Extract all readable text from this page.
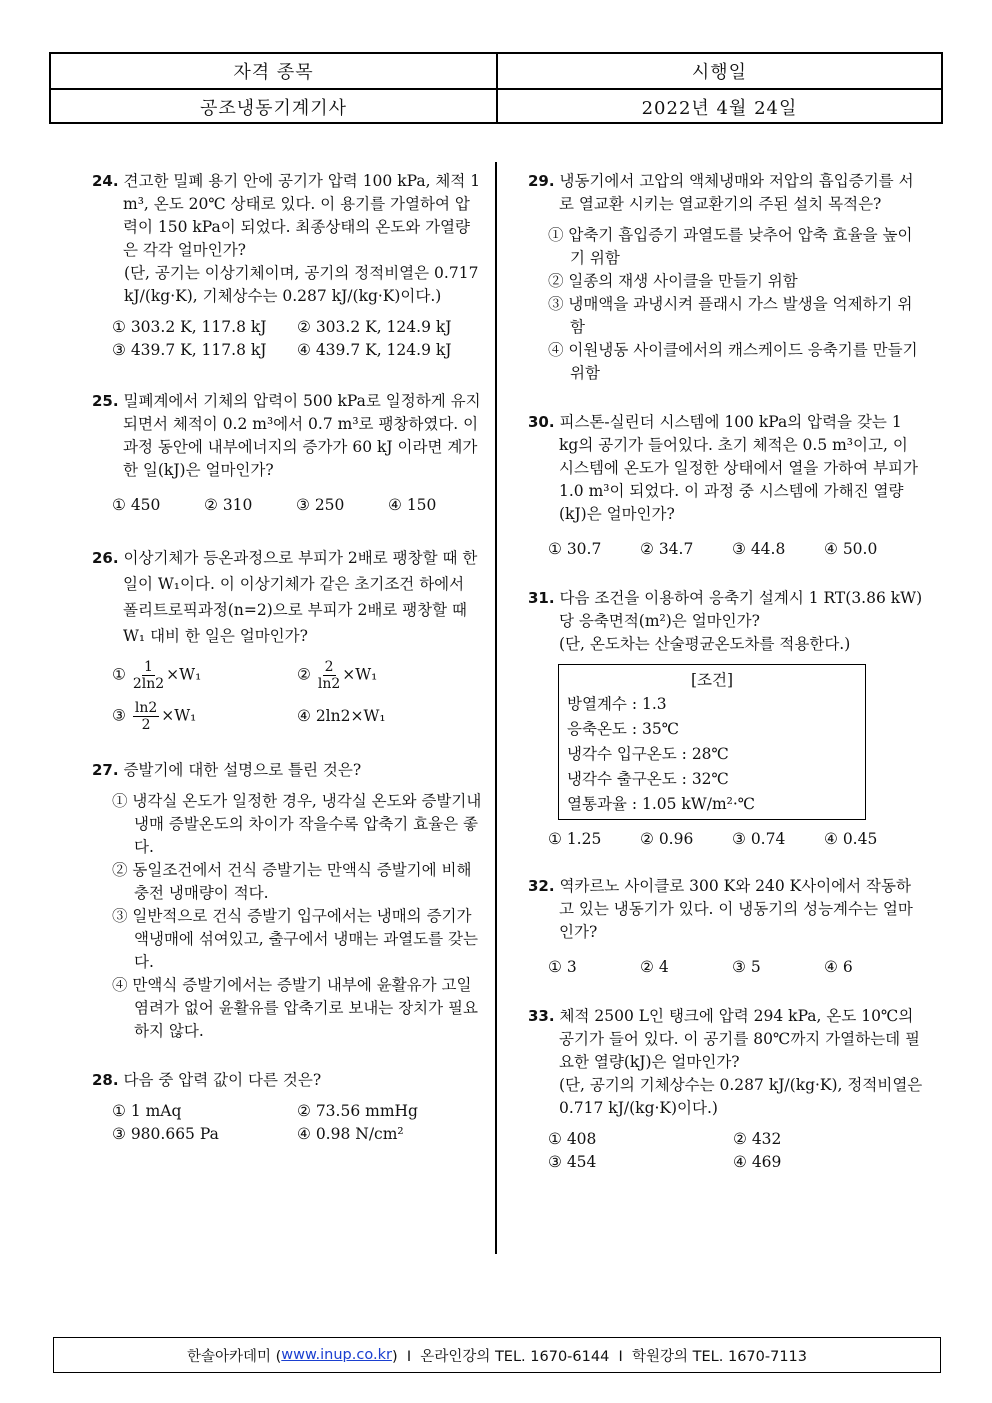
자격 종목	시행일
공조냉동기계기사	2022년 4월 24일
24. 견고한 밀폐 용기 안에 공기가 압력 100 kPa, 체적 1 m³, 온도 20℃ 상태로 있다. 이 용기를 가열하여 압력이 150 kPa이 되었다. 최종상태의 온도와 가열량은 각각 얼마인가?
(단, 공기는 이상기체이며, 공기의 정적비열은 0.717 kJ/(kg·K), 기체상수는 0.287 kJ/(kg·K)이다.)
① 303.2 K, 117.8 kJ	② 303.2 K, 124.9 kJ
③ 439.7 K, 117.8 kJ	④ 439.7 K, 124.9 kJ
25. 밀폐계에서 기체의 압력이 500 kPa로 일정하게 유지되면서 체적이 0.2 m³에서 0.7 m³로 팽창하였다. 이 과정 동안에 내부에너지의 증가가 60 kJ 이라면 계가 한 일(kJ)은 얼마인가?
① 450	② 310	③ 250	④ 150
26. 이상기체가 등온과정으로 부피가 2배로 팽창할 때 한 일이 W₁이다. 이 이상기체가 같은 초기조건 하에서 폴리트로픽과정(n=2)으로 부피가 2배로 팽창할 때 W₁ 대비 한 일은 얼마인가?
① $\frac{1}{2\ln 2} \times W_1$	② $\frac{2}{\ln 2} \times W_1$
③ $\frac{\ln 2}{2} \times W_1$	④ 2ln2×W₁
27. 증발기에 대한 설명으로 틀린 것은?
① 냉각실 온도가 일정한 경우, 냉각실 온도와 증발기내 냉매 증발온도의 차이가 작을수록 압축기 효율은 좋다.
② 동일조건에서 건식 증발기는 만액식 증발기에 비해 충전 냉매량이 적다.
③ 일반적으로 건식 증발기 입구에서는 냉매의 증기가 액냉매에 섞여있고, 출구에서 냉매는 과열도를 갖는다.
④ 만액식 증발기에서는 증발기 내부에 윤활유가 고일 염려가 없어 윤활유를 압축기로 보내는 장치가 필요하지 않다.
28. 다음 중 압력 값이 다른 것은?
① 1 mAq	② 73.56 mmHg
③ 980.665 Pa	④ 0.98 N/cm²
29. 냉동기에서 고압의 액체냉매와 저압의 흡입증기를 서로 열교환 시키는 열교환기의 주된 설치 목적은?
① 압축기 흡입증기 과열도를 낮추어 압축 효율을 높이기 위함
② 일종의 재생 사이클을 만들기 위함
③ 냉매액을 과냉시켜 플래시 가스 발생을 억제하기 위함
④ 이원냉동 사이클에서의 캐스케이드 응축기를 만들기 위함
30. 피스톤-실린더 시스템에 100 kPa의 압력을 갖는 1 kg의 공기가 들어있다. 초기 체적은 0.5 m³이고, 이 시스템에 온도가 일정한 상태에서 열을 가하여 부피가 1.0 m³이 되었다. 이 과정 중 시스템에 가해진 열량(kJ)은 얼마인가?
① 30.7	② 34.7	③ 44.8	④ 50.0
31. 다음 조건을 이용하여 응축기 설계시 1 RT(3.86 kW)당 응축면적(m²)은 얼마인가?
(단, 온도차는 산술평균온도차를 적용한다.)
[조건]
방열계수 : 1.3
응축온도 : 35℃
냉각수 입구온도 : 28℃
냉각수 출구온도 : 32℃
열통과율 : 1.05 kW/m²·℃
① 1.25	② 0.96	③ 0.74	④ 0.45
32. 역카르노 사이클로 300 K와 240 K사이에서 작동하고 있는 냉동기가 있다. 이 냉동기의 성능계수는 얼마인가?
① 3	② 4	③ 5	④ 6
33. 체적 2500 L인 탱크에 압력 294 kPa, 온도 10℃의 공기가 들어 있다. 이 공기를 80℃까지 가열하는데 필요한 열량(kJ)은 얼마인가?
(단, 공기의 기체상수는 0.287 kJ/(kg·K), 정적비열은 0.717 kJ/(kg·K)이다.)
① 408	② 432
③ 454	④ 469
한솔아카데미 ( www.inup.co.kr )  I  온라인강의 TEL. 1670-6144  I  학원강의 TEL. 1670-7113
